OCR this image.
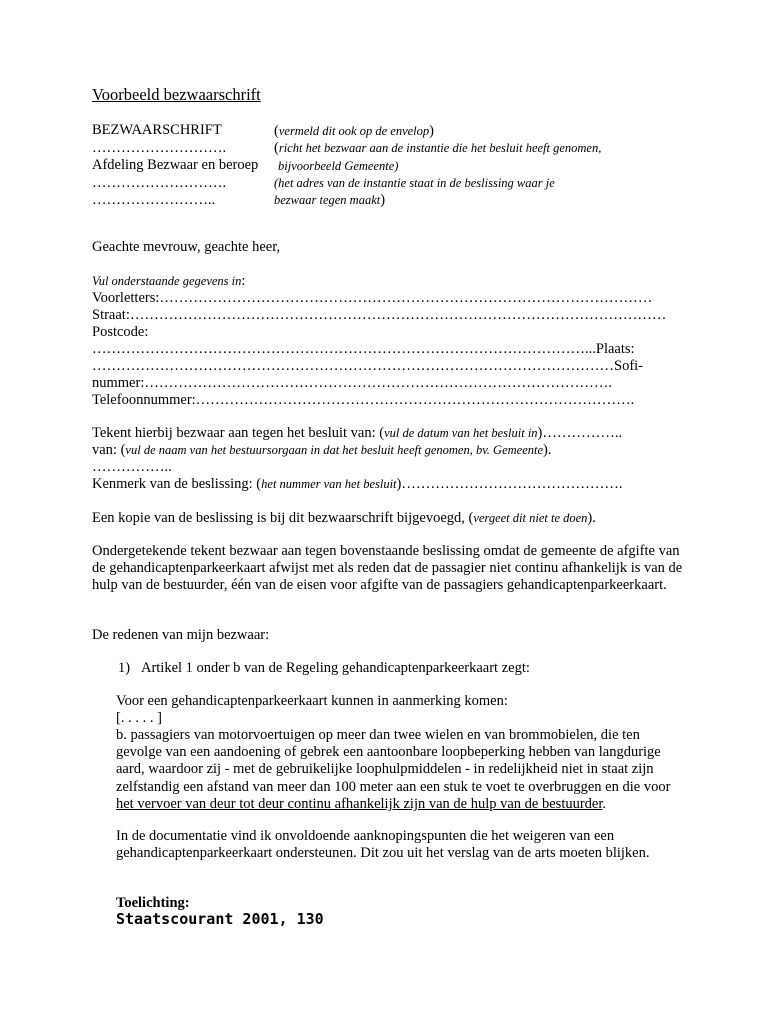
Voorbeeld bezwaarschrift
BEZWAARSCHRIFT	(vermeld dit ook op de envelop)
……………………….	(richt het bezwaar aan de instantie die het besluit heeft genomen,
Afdeling Bezwaar en beroep bijvoorbeeld Gemeente)
……………………….	(het adres van de instantie staat in de beslissing waar je
……………………..	bezwaar tegen maakt)
Geachte mevrouw, geachte heer,
Vul onderstaande gegevens in:
Voorletters:…………………………………………………………………………………………
Straat:…………………………………………………………………………………………………
Postcode:
…………………………………………………………………………………………...Plaats:
………………………………………………………………………………………………Sofi-
nummer:…………………………………………………………………………………….
Telefoonnummer:……………………………………………………………………………….
Tekent hierbij bezwaar aan tegen het besluit van: (vul de datum van het besluit in)……………..
van: (vul de naam van het bestuursorgaan in dat het besluit heeft genomen, bv. Gemeente).
……………..
Kenmerk van de beslissing: (het nummer van het besluit)……………………………………….
Een kopie van de beslissing is bij dit bezwaarschrift bijgevoegd, (vergeet dit niet te doen).
Ondergetekende tekent bezwaar aan tegen bovenstaande beslissing omdat de gemeente de afgifte van de gehandicaptenparkeerkaart afwijst met als reden dat de passagier niet continu afhankelijk is van de hulp van de bestuurder, één van de eisen voor afgifte van de passagiers gehandicaptenparkeerkaart.
De redenen van mijn bezwaar:
1) Artikel 1 onder b van de Regeling gehandicaptenparkeerkaart zegt:
Voor een gehandicaptenparkeerkaart kunnen in aanmerking komen:
[. . . . . ]
b. passagiers van motorvoertuigen op meer dan twee wielen en van brommobielen, die ten gevolge van een aandoening of gebrek een aantoonbare loopbeperking hebben van langdurige aard, waardoor zij - met de gebruikelijke loophulpmiddelen - in redelijkheid niet in staat zijn zelfstandig een afstand van meer dan 100 meter aan een stuk te voet te overbruggen en die voor het vervoer van deur tot deur continu afhankelijk zijn van de hulp van de bestuurder.
In de documentatie vind ik onvoldoende aanknopingspunten die het weigeren van een gehandicaptenparkeerkaart ondersteunen. Dit zou uit het verslag van de arts moeten blijken.
Toelichting:
Staatscourant 2001, 130
